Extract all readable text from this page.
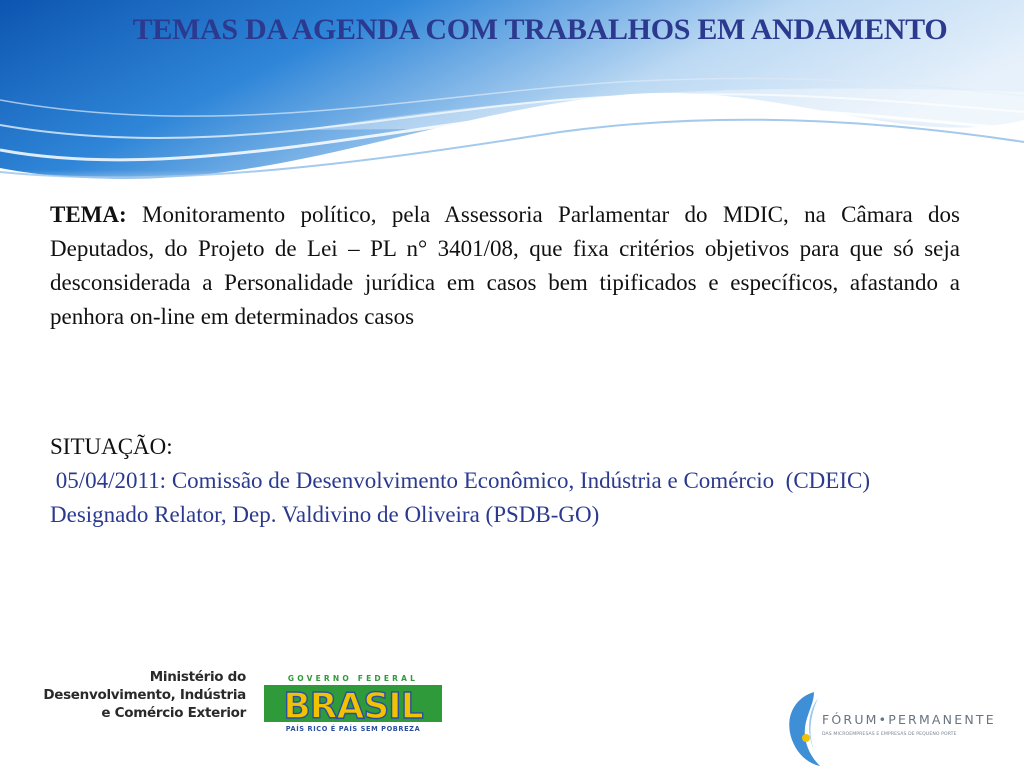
TEMAS DA AGENDA COM TRABALHOS EM ANDAMENTO

TEMA: Monitoramento político, pela Assessoria Parlamentar do MDIC, na Câmara dos Deputados, do Projeto de Lei – PL n° 3401/08, que fixa critérios objetivos para que só seja desconsiderada a Personalidade jurídica em casos bem tipificados e específicos, afastando a penhora on-line em determinados casos

SITUAÇÃO:
05/04/2011: Comissão de Desenvolvimento Econômico, Indústria e Comércio  (CDEIC)
Designado Relator, Dep. Valdivino de Oliveira (PSDB-GO)
Ministério do
Desenvolvimento, Indústria
e Comércio Exterior
GOVERNO FEDERAL
BRASIL
PAÍS RICO É PAÍS SEM POBREZA
FÓRUM•PERMANENTE
DAS MICROEMPRESAS E EMPRESAS DE PEQUENO PORTE
